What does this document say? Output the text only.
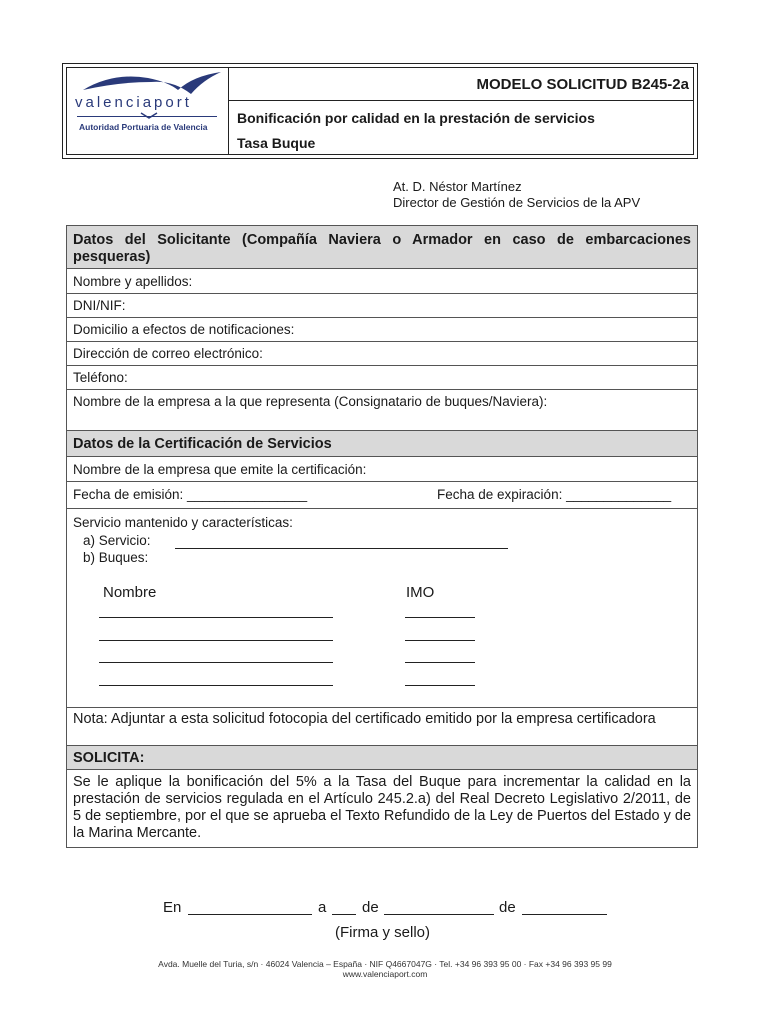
valenciaport
Autoridad Portuaria de Valencia
MODELO SOLICITUD B245-2a
Bonificación por calidad en la prestación de servicios
Tasa Buque
At. D. Néstor Martínez
Director de Gestión de Servicios de la APV
Datos del Solicitante (Compañía Naviera o Armador en caso de embarcaciones pesqueras)
Nombre y apellidos:
DNI/NIF:
Domicilio a efectos de notificaciones:
Dirección de correo electrónico:
Teléfono:
Nombre de la empresa a la que representa (Consignatario de buques/Naviera):
Datos de la Certificación de Servicios
Nombre de la empresa que emite la certificación:
Fecha de emisión: ________________	Fecha de expiración: ______________
Servicio mantenido y características:
a) Servicio:
b) Buques:
Nombre	IMO
Nota: Adjuntar a esta solicitud fotocopia del certificado emitido por la empresa certificadora
SOLICITA:
Se le aplique la bonificación del 5% a la Tasa del Buque para incrementar la calidad en la prestación de servicios regulada en el Artículo 245.2.a) del Real Decreto Legislativo 2/2011, de 5 de septiembre, por el que se aprueba el Texto Refundido de la Ley de Puertos del Estado y de la Marina Mercante.
En	a de	de
(Firma y sello)
Avda. Muelle del Turia, s/n · 46024 Valencia – España · NIF Q4667047G · Tel. +34 96 393 95 00 · Fax +34 96 393 95 99
www.valenciaport.com
